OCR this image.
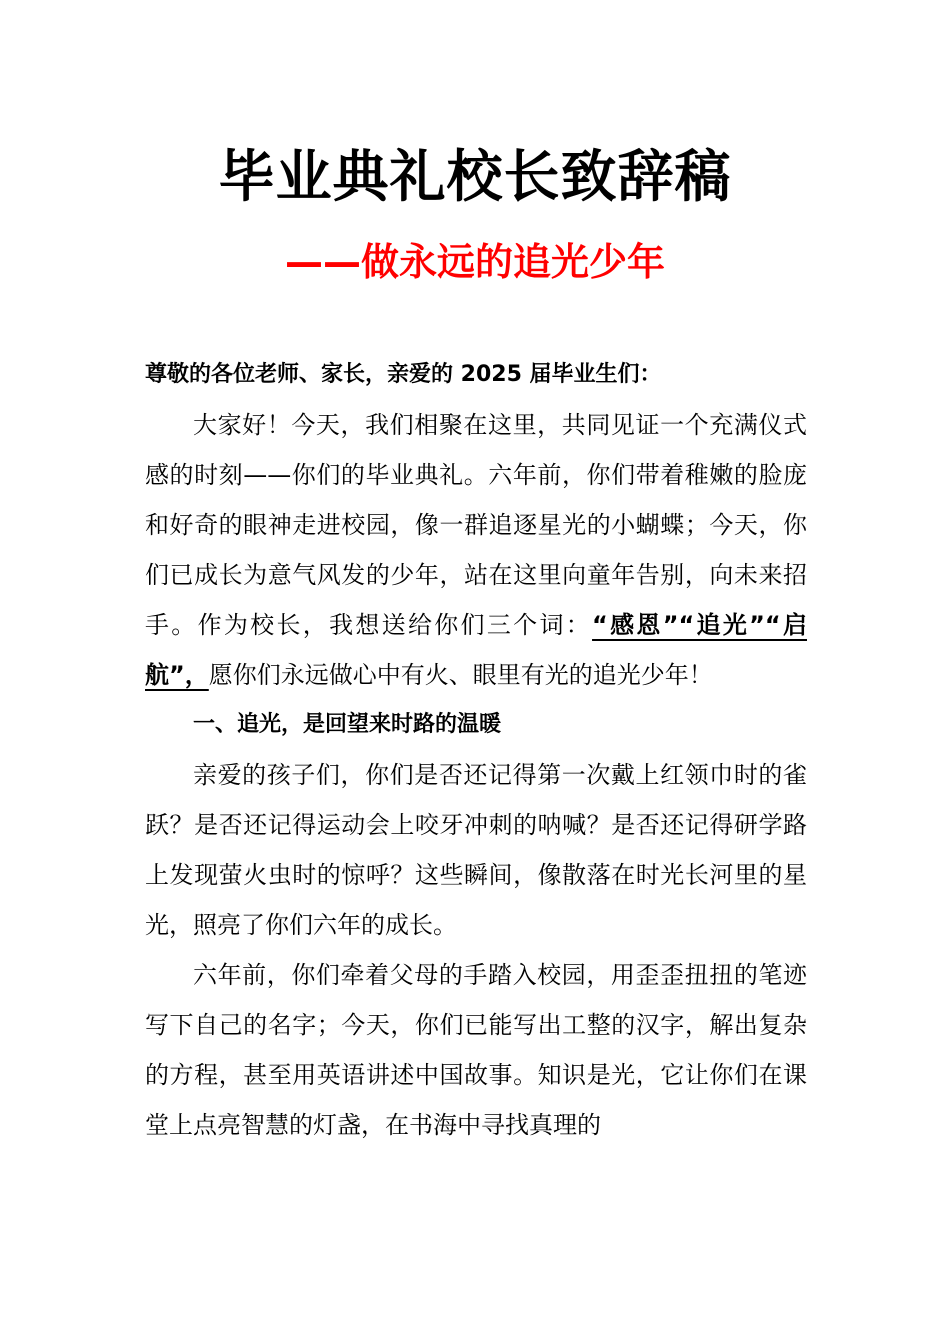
毕业典礼校长致辞稿
——做永远的追光少年

尊敬的各位老师、家长，亲爱的 2025 届毕业生们：

大家好！今天，我们相聚在这里，共同见证一个充满仪式感的时刻——你们的毕业典礼。六年前，你们带着稚嫩的脸庞和好奇的眼神走进校园，像一群追逐星光的小蝴蝶；今天，你们已成长为意气风发的少年，站在这里向童年告别，向未来招手。作为校长，我想送给你们三个词：“感恩”“追光”“启航”，愿你们永远做心中有火、眼里有光的追光少年！

一、追光，是回望来时路的温暖

亲爱的孩子们，你们是否还记得第一次戴上红领巾时的雀跃？是否还记得运动会上咬牙冲刺的呐喊？是否还记得研学路上发现萤火虫时的惊呼？这些瞬间，像散落在时光长河里的星光，照亮了你们六年的成长。

六年前，你们牵着父母的手踏入校园，用歪歪扭扭的笔迹写下自己的名字；今天，你们已能写出工整的汉字，解出复杂的方程，甚至用英语讲述中国故事。知识是光，它让你们在课堂上点亮智慧的灯盏，在书海中寻找真理的
